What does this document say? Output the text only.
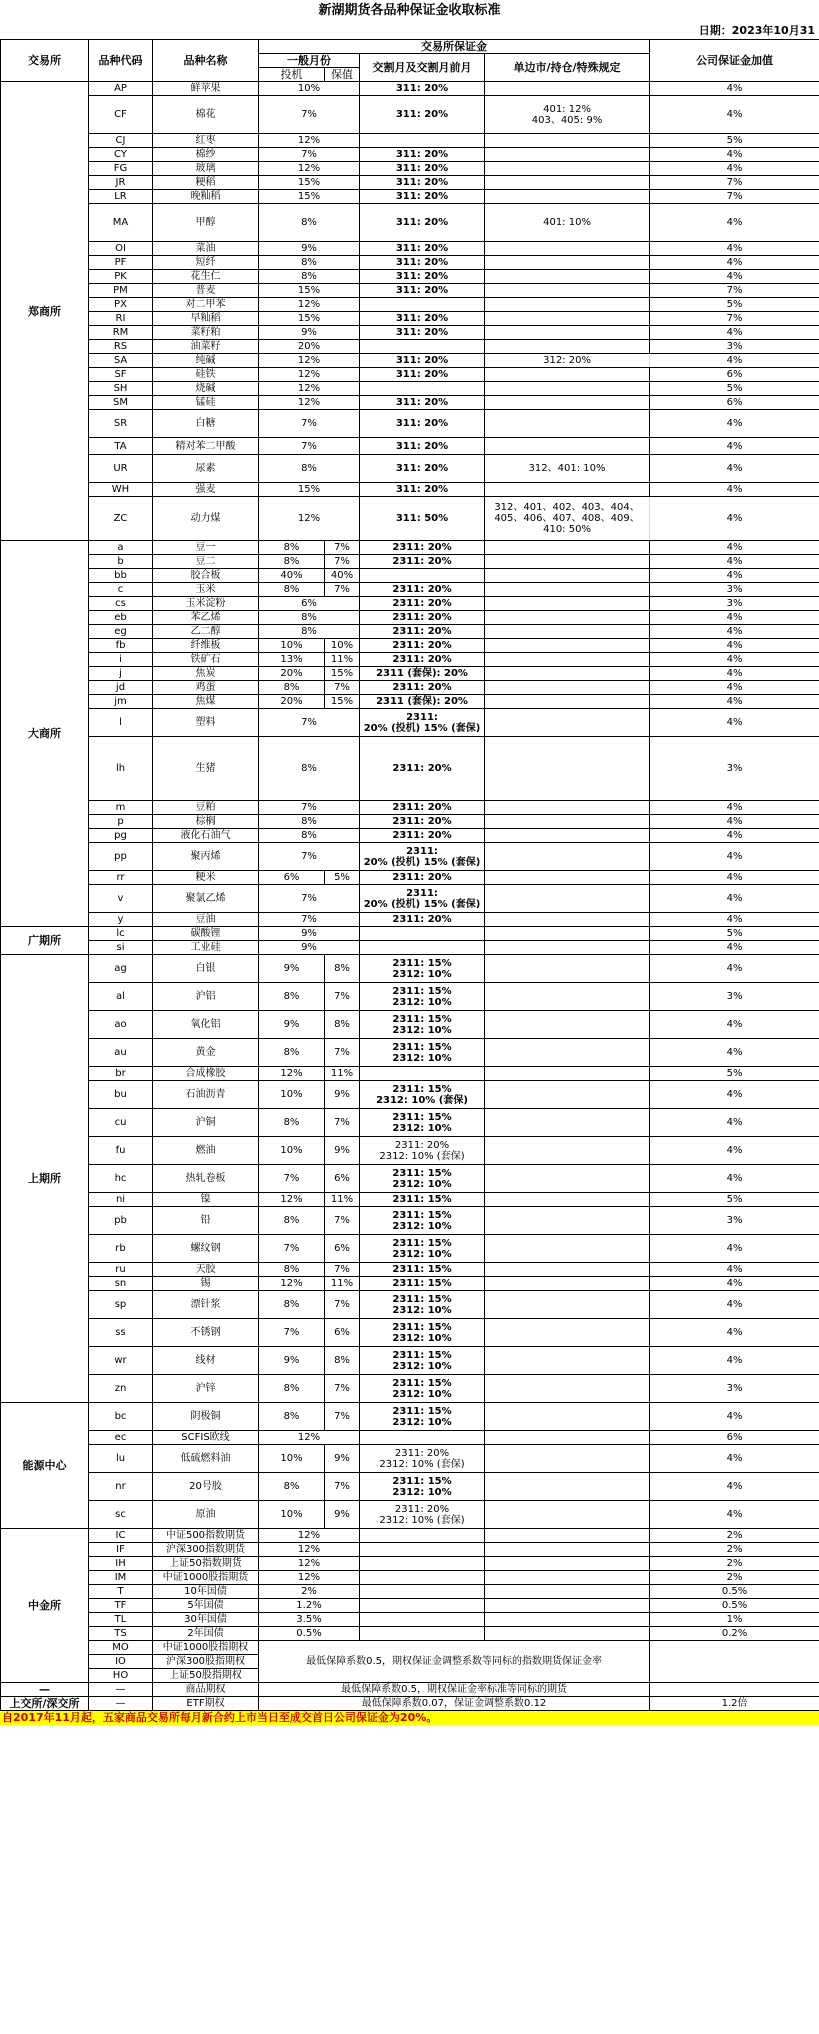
新湖期货各品种保证金收取标准
日期：2023年10月31
交易所	品种代码	品种名称	交易所保证金				公司保证金加值
			一般月份		交割月及交割月前月	单边市/持仓/特殊规定	
			投机	保值			
郑商所	AP	鲜苹果	10%		311: 20%		4%
	CF	棉花	7%		311: 20%	401: 12%
403、405: 9%	4%
	CJ	红枣	12%				5%
	CY	棉纱	7%		311: 20%		4%
	FG	玻璃	12%		311: 20%		4%
	JR	粳稻	15%		311: 20%		7%
	LR	晚籼稻	15%		311: 20%		7%
	MA	甲醇	8%		311: 20%	401: 10%	4%
	OI	菜油	9%		311: 20%		4%
	PF	短纤	8%		311: 20%		4%
	PK	花生仁	8%		311: 20%		4%
	PM	普麦	15%		311: 20%		7%
	PX	对二甲苯	12%				5%
	RI	早籼稻	15%		311: 20%		7%
	RM	菜籽粕	9%		311: 20%		4%
	RS	油菜籽	20%				3%
	SA	纯碱	12%		311: 20%	312: 20%	4%
	SF	硅铁	12%		311: 20%		6%
	SH	烧碱	12%				5%
	SM	锰硅	12%		311: 20%		6%
	SR	白糖	7%		311: 20%		4%
	TA	精对苯二甲酸	7%		311: 20%		4%
	UR	尿素	8%		311: 20%	312、401: 10%	4%
	WH	强麦	15%		311: 20%		4%
	ZC	动力煤	12%		311: 50%	312、401、402、403、404、
405、406、407、408、409、
410: 50%	4%
大商所	a	豆一	8%	7%	2311: 20%		4%
	b	豆二	8%	7%	2311: 20%		4%
	bb	胶合板	40%	40%			4%
	c	玉米	8%	7%	2311: 20%		3%
	cs	玉米淀粉	6%		2311: 20%		3%
	eb	苯乙烯	8%		2311: 20%		4%
	eg	乙二醇	8%		2311: 20%		4%
	fb	纤维板	10%	10%	2311: 20%		4%
	i	铁矿石	13%	11%	2311: 20%		4%
	j	焦炭	20%	15%	2311 (套保): 20%		4%
	jd	鸡蛋	8%	7%	2311: 20%		4%
	jm	焦煤	20%	15%	2311 (套保): 20%		4%
	l	塑料	7%		2311:
20% (投机) 15% (套保)		4%
	lh	生猪	8%		2311: 20%		3%
	m	豆粕	7%		2311: 20%		4%
	p	棕榈	8%		2311: 20%		4%
	pg	液化石油气	8%		2311: 20%		4%
	pp	聚丙烯	7%		2311:
20% (投机) 15% (套保)		4%
	rr	粳米	6%	5%	2311: 20%		4%
	v	聚氯乙烯	7%		2311:
20% (投机) 15% (套保)		4%
	y	豆油	7%		2311: 20%		4%
广期所	lc	碳酸锂	9%				5%
	si	工业硅	9%				4%
上期所	ag	白银	9%	8%	2311: 15%
2312: 10%		4%
	al	沪铝	8%	7%	2311: 15%
2312: 10%		3%
	ao	氧化铝	9%	8%	2311: 15%
2312: 10%		4%
	au	黄金	8%	7%	2311: 15%
2312: 10%		4%
	br	合成橡胶	12%	11%			5%
	bu	石油沥青	10%	9%	2311: 15%
2312: 10% (套保)		4%
	cu	沪铜	8%	7%	2311: 15%
2312: 10%		4%
	fu	燃油	10%	9%	2311: 20%
2312: 10% (套保)		4%
	hc	热轧卷板	7%	6%	2311: 15%
2312: 10%		4%
	ni	镍	12%	11%	2311: 15%		5%
	pb	铅	8%	7%	2311: 15%
2312: 10%		3%
	rb	螺纹钢	7%	6%	2311: 15%
2312: 10%		4%
	ru	天胶	8%	7%	2311: 15%		4%
	sn	锡	12%	11%	2311: 15%		4%
	sp	漂针浆	8%	7%	2311: 15%
2312: 10%		4%
	ss	不锈钢	7%	6%	2311: 15%
2312: 10%		4%
	wr	线材	9%	8%	2311: 15%
2312: 10%		4%
	zn	沪锌	8%	7%	2311: 15%
2312: 10%		3%
能源中心	bc	阴极铜	8%	7%	2311: 15%
2312: 10%		4%
	ec	SCFIS欧线	12%				6%
	lu	低硫燃料油	10%	9%	2311: 20%
2312: 10% (套保)		4%
	nr	20号胶	8%	7%	2311: 15%
2312: 10%		4%
	sc	原油	10%	9%	2311: 20%
2312: 10% (套保)		4%
中金所	IC	中证500指数期货	12%				2%
	IF	沪深300指数期货	12%				2%
	IH	上证50指数期货	12%				2%
	IM	中证1000股指期货	12%				2%
	T	10年国债	2%				0.5%
	TF	5年国债	1.2%				0.5%
	TL	30年国债	3.5%				1%
	TS	2年国债	0.5%				0.2%
	MO	中证1000股指期权	最低保障系数0.5，期权保证金调整系数等同标的指数期货保证金率				
	IO	沪深300股指期权					
	HO	上证50股指期权					
—	—	商品期权	最低保障系数0.5，期权保证金率标准等同标的期货				
上交所/深交所	—	ETF期权	最低保障系数0.07，保证金调整系数0.12				1.2倍
自2017年11月起，五家商品交易所每月新合约上市当日至成交首日公司保证金为20%。
